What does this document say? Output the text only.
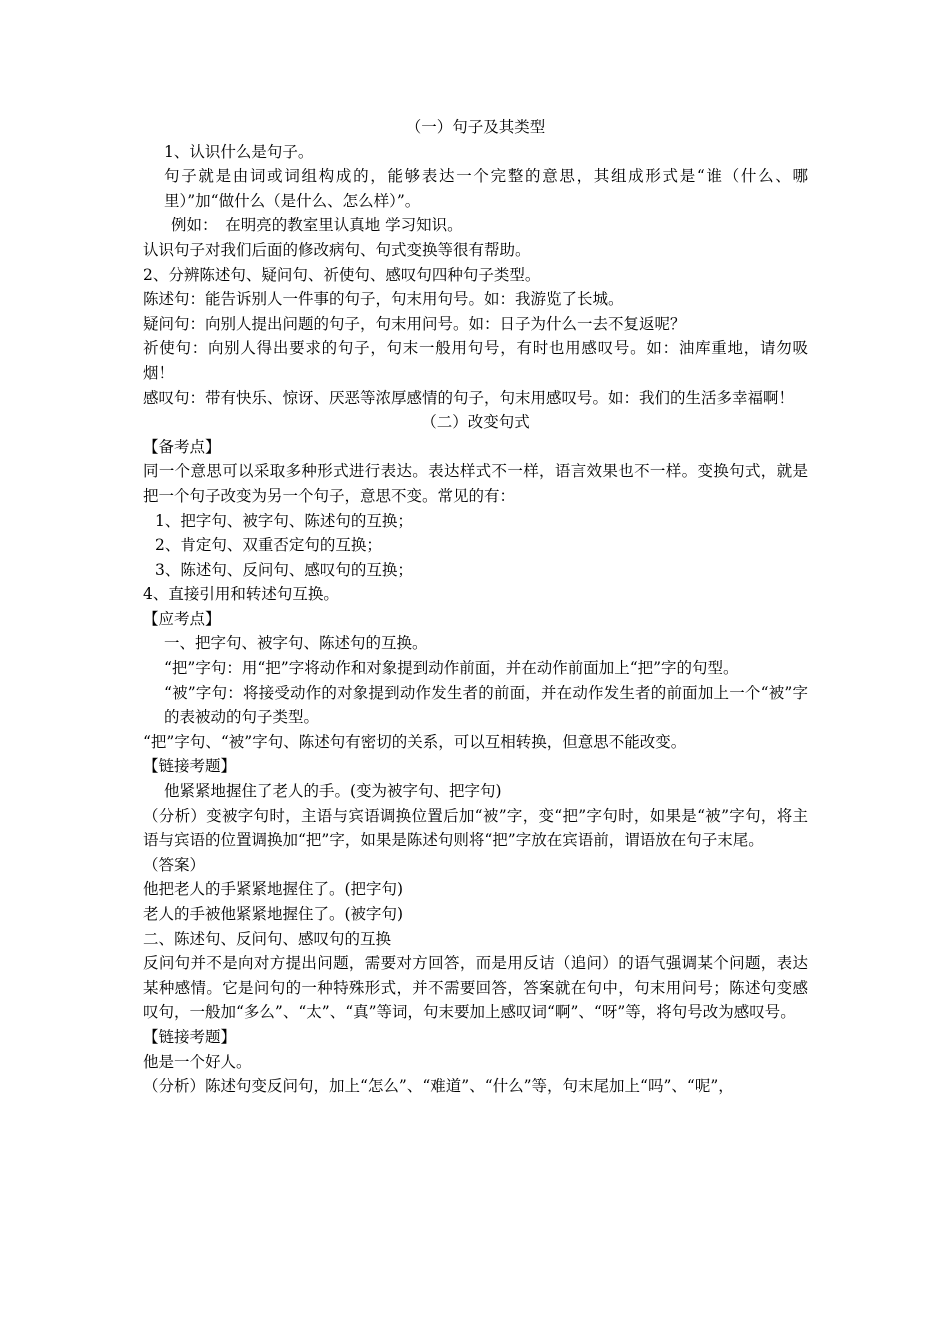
（一）句子及其类型

1、认识什么是句子。

句子就是由词或词组构成的，能够表达一个完整的意思，其组成形式是“谁（什么、哪里）”加“做什么（是什么、怎么样）”。

例如：　在明亮的教室里认真地 学习知识。

认识句子对我们后面的修改病句、句式变换等很有帮助。

2、分辨陈述句、疑问句、祈使句、感叹句四种句子类型。

陈述句：能告诉别人一件事的句子，句末用句号。如：我游览了长城。

疑问句：向别人提出问题的句子，句末用问号。如：日子为什么一去不复返呢？

祈使句：向别人得出要求的句子，句末一般用句号，有时也用感叹号。如：油库重地，请勿吸烟！

感叹句：带有快乐、惊讶、厌恶等浓厚感情的句子，句末用感叹号。如：我们的生活多幸福啊！

（二）改变句式

【备考点】

同一个意思可以采取多种形式进行表达。表达样式不一样，语言效果也不一样。变换句式，就是把一个句子改变为另一个句子，意思不变。常见的有：

1、把字句、被字句、陈述句的互换；

2、肯定句、双重否定句的互换；

3、陈述句、反问句、感叹句的互换；

4、直接引用和转述句互换。

【应考点】

一、把字句、被字句、陈述句的互换。

“把”字句：用“把”字将动作和对象提到动作前面，并在动作前面加上“把”字的句型。

“被”字句：将接受动作的对象提到动作发生者的前面，并在动作发生者的前面加上一个“被”字的表被动的句子类型。

“把”字句、“被”字句、陈述句有密切的关系，可以互相转换，但意思不能改变。

【链接考题】

他紧紧地握住了老人的手。(变为被字句、把字句)

（分析）变被字句时，主语与宾语调换位置后加“被”字，变“把”字句时，如果是“被”字句，将主语与宾语的位置调换加“把”字，如果是陈述句则将“把”字放在宾语前，谓语放在句子末尾。

（答案）

他把老人的手紧紧地握住了。(把字句)

老人的手被他紧紧地握住了。(被字句)

二、陈述句、反问句、感叹句的互换

反问句并不是向对方提出问题，需要对方回答，而是用反诘（追问）的语气强调某个问题，表达某种感情。它是问句的一种特殊形式，并不需要回答，答案就在句中，句末用问号；陈述句变感叹句，一般加“多么”、“太”、“真”等词，句末要加上感叹词“啊”、“呀”等，将句号改为感叹号。

【链接考题】

他是一个好人。

（分析）陈述句变反问句，加上“怎么”、“难道”、“什么”等，句末尾加上“吗”、“呢”，
